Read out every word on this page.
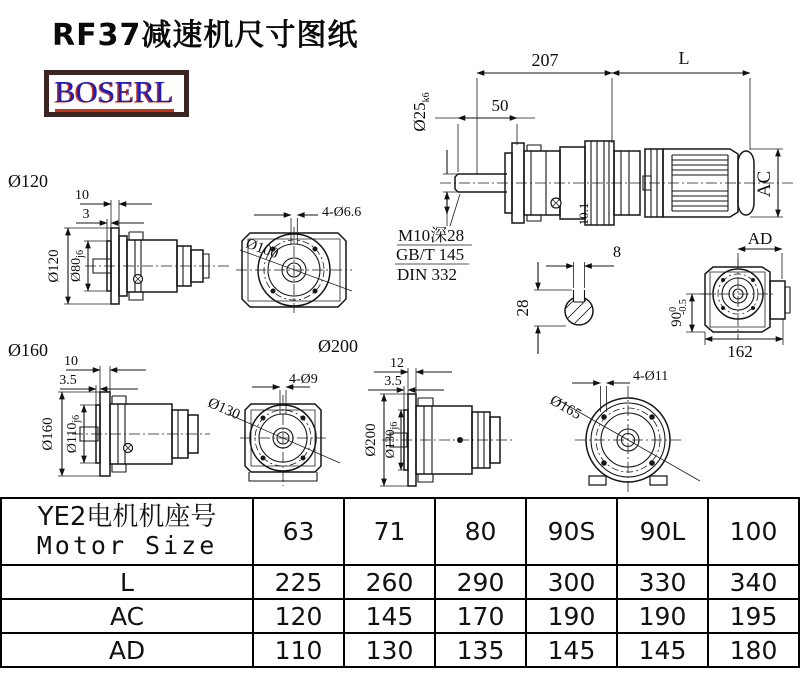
RF37减速机尺寸图纸
BOSERL
207	L
50
$Ø25_{k6}$
AC
10.1
M10深28
GB/T 145
DIN 332
8
28
AD
$90^0-0.5$
162
Ø120
10
3
Ø120 Ø80j6
4-Ø6.6
Ø100
Ø160
10
3.5
Ø160 Ø110j6
Ø200
4-Ø9
Ø130
12
3.5
Ø200 Ø130j6
4-Ø11
Ø165
YE2电机机座号
Motor Size	63	71	80	90S	90L	100
L	225	260	290	300	330	340
AC	120	145	170	190	190	195
AD	110	130	135	145	145	180
